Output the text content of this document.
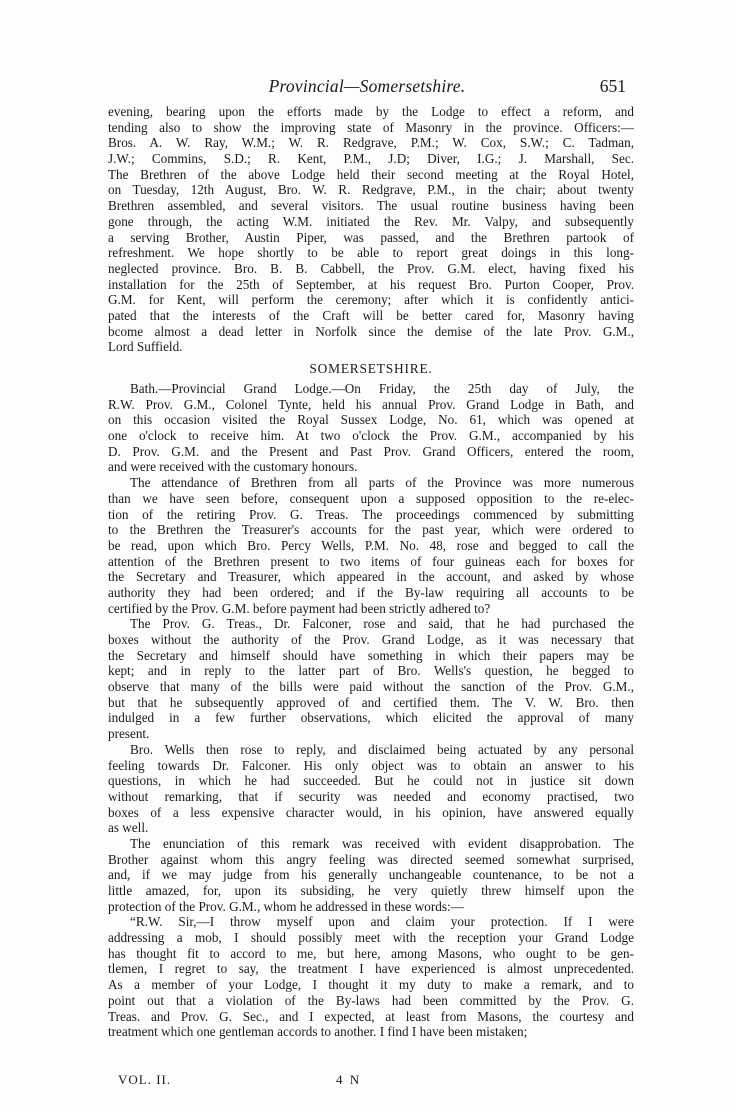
Provincial—Somersetshire.	651
evening, bearing upon the efforts made by the Lodge to effect a reform, and
tending also to show the improving state of Masonry in the province. Officers:—
Bros. A. W. Ray, W.M.; W. R. Redgrave, P.M.; W. Cox, S.W.; C. Tadman,
J.W.; Commins, S.D.; R. Kent, P.M., J.D; Diver, I.G.; J. Marshall, Sec.
The Brethren of the above Lodge held their second meeting at the Royal Hotel,
on Tuesday, 12th August, Bro. W. R. Redgrave, P.M., in the chair; about twenty
Brethren assembled, and several visitors. The usual routine business having been
gone through, the acting W.M. initiated the Rev. Mr. Valpy, and subsequently
a serving Brother, Austin Piper, was passed, and the Brethren partook of
refreshment. We hope shortly to be able to report great doings in this long-
neglected province. Bro. B. B. Cabbell, the Prov. G.M. elect, having fixed his
installation for the 25th of September, at his request Bro. Purton Cooper, Prov.
G.M. for Kent, will perform the ceremony; after which it is confidently antici-
pated that the interests of the Craft will be better cared for, Masonry having
bcome almost a dead letter in Norfolk since the demise of the late Prov. G.M.,
Lord Suffield.
SOMERSETSHIRE.
Bath.—Provincial Grand Lodge.—On Friday, the 25th day of July, the
R.W. Prov. G.M., Colonel Tynte, held his annual Prov. Grand Lodge in Bath, and
on this occasion visited the Royal Sussex Lodge, No. 61, which was opened at
one o'clock to receive him. At two o'clock the Prov. G.M., accompanied by his
D. Prov. G.M. and the Present and Past Prov. Grand Officers, entered the room,
and were received with the customary honours.
The attendance of Brethren from all parts of the Province was more numerous
than we have seen before, consequent upon a supposed opposition to the re-elec-
tion of the retiring Prov. G. Treas. The proceedings commenced by submitting
to the Brethren the Treasurer's accounts for the past year, which were ordered to
be read, upon which Bro. Percy Wells, P.M. No. 48, rose and begged to call the
attention of the Brethren present to two items of four guineas each for boxes for
the Secretary and Treasurer, which appeared in the account, and asked by whose
authority they had been ordered; and if the By-law requiring all accounts to be
certified by the Prov. G.M. before payment had been strictly adhered to?
The Prov. G. Treas., Dr. Falconer, rose and said, that he had purchased the
boxes without the authority of the Prov. Grand Lodge, as it was necessary that
the Secretary and himself should have something in which their papers may be
kept; and in reply to the latter part of Bro. Wells's question, he begged to
observe that many of the bills were paid without the sanction of the Prov. G.M.,
but that he subsequently approved of and certified them. The V. W. Bro. then
indulged in a few further observations, which elicited the approval of many
present.
Bro. Wells then rose to reply, and disclaimed being actuated by any personal
feeling towards Dr. Falconer. His only object was to obtain an answer to his
questions, in which he had succeeded. But he could not in justice sit down
without remarking, that if security was needed and economy practised, two
boxes of a less expensive character would, in his opinion, have answered equally
as well.
The enunciation of this remark was received with evident disapprobation. The
Brother against whom this angry feeling was directed seemed somewhat surprised,
and, if we may judge from his generally unchangeable countenance, to be not a
little amazed, for, upon its subsiding, he very quietly threw himself upon the
protection of the Prov. G.M., whom he addressed in these words:—
“R.W. Sir,—I throw myself upon and claim your protection. If I were
addressing a mob, I should possibly meet with the reception your Grand Lodge
has thought fit to accord to me, but here, among Masons, who ought to be gen-
tlemen, I regret to say, the treatment I have experienced is almost unprecedented.
As a member of your Lodge, I thought it my duty to make a remark, and to
point out that a violation of the By-laws had been committed by the Prov. G.
Treas. and Prov. G. Sec., and I expected, at least from Masons, the courtesy and
treatment which one gentleman accords to another. I find I have been mistaken;
VOL. II.	4 N
